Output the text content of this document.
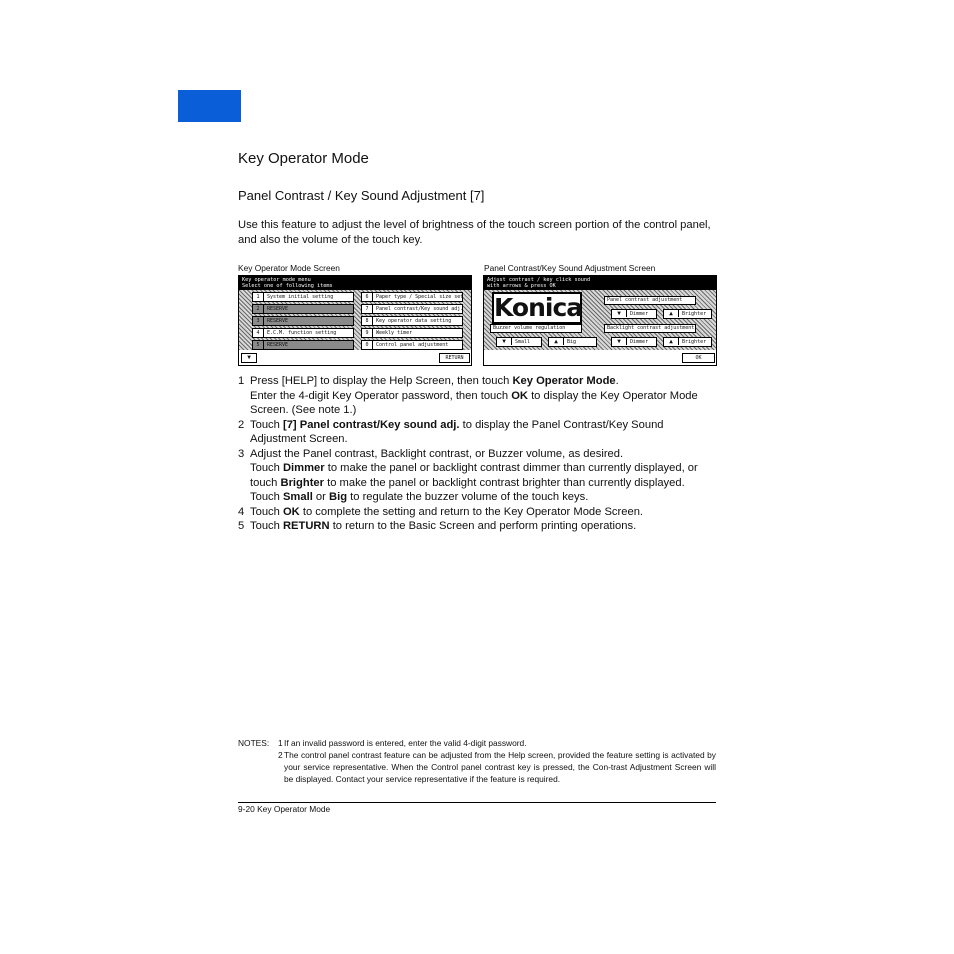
Key Operator Mode
Panel Contrast / Key Sound Adjustment [7]
Use this feature to adjust the level of brightness of the touch screen portion of the control panel, and also the volume of the touch key.
Key Operator Mode Screen
Key operator mode menu
Select one of following items
1 System initial setting
2 RESERVE
3 RESERVE
4 E.C.M. function setting
5 RESERVE
6 Paper type / Special size set
7 Panel contrast/Key sound adj.
8 Key operator data setting
9 Weekly timer
0 Control panel adjustment
▼	RETURN
Panel Contrast/Key Sound Adjustment Screen
Adjust contrast / key click sound
with arrows & press OK
Konica	Panel contrast adjustment
▼ Dimmer	▲ Brighter
Buzzer volume regulation
▼ Small	▲ Big
Backlight contrast adjustment
▼ Dimmer	▲ Brighter
OK
1 Press [HELP] to display the Help Screen, then touch Key Operator Mode.
Enter the 4-digit Key Operator password, then touch OK to display the Key Operator Mode Screen. (See note 1.)
2 Touch [7] Panel contrast/Key sound adj. to display the Panel Contrast/Key Sound Adjustment Screen.
3 Adjust the Panel contrast, Backlight contrast, or Buzzer volume, as desired.
Touch Dimmer to make the panel or backlight contrast dimmer than currently displayed, or touch Brighter to make the panel or backlight contrast brighter than currently displayed.
Touch Small or Big to regulate the buzzer volume of the touch keys.
4 Touch OK to complete the setting and return to the Key Operator Mode Screen.
5 Touch RETURN to return to the Basic Screen and perform printing operations.
NOTES: 1 If an invalid password is entered, enter the valid 4-digit password.
2 The control panel contrast feature can be adjusted from the Help screen, provided the feature setting is activated by your service representative. When the Control panel contrast key is pressed, the Con-trast Adjustment Screen will be displayed. Contact your service representative if the feature is required.
9-20 Key Operator Mode
